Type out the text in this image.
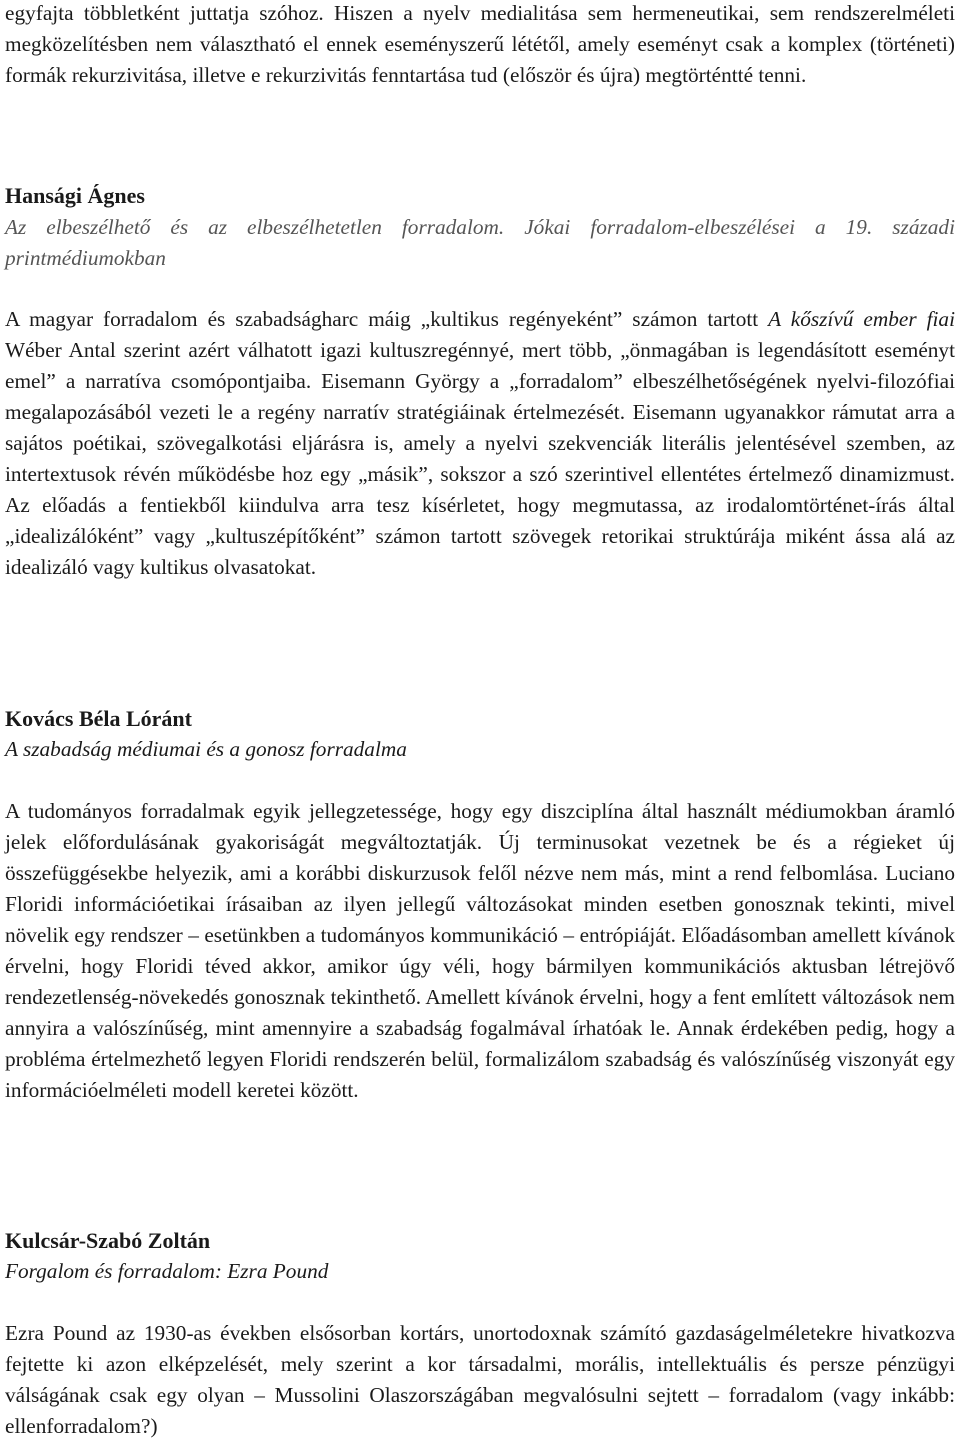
egyfajta többletként juttatja szóhoz. Hiszen a nyelv medialitása sem hermeneutikai, sem rendszerelméleti megközelítésben nem választható el ennek eseményszerű lététől, amely eseményt csak a komplex (történeti) formák rekurzivitása, illetve e rekurzivitás fenntartása tud (először és újra) megtörténtté tenni.

Hansági Ágnes

Az elbeszélhető és az elbeszélhetetlen forradalom. Jókai forradalom-elbeszélései a 19. századi printmédiumokban

A magyar forradalom és szabadságharc máig „kultikus regényeként” számon tartott A kőszívű ember fiai Wéber Antal szerint azért válhatott igazi kultuszregénnyé, mert több, „önmagában is legendásított eseményt emel” a narratíva csomópontjaiba. Eisemann György a „forradalom” elbeszélhetőségének nyelvi-filozófiai megalapozásából vezeti le a regény narratív stratégiáinak értelmezését. Eisemann ugyanakkor rámutat arra a sajátos poétikai, szövegalkotási eljárásra is, amely a nyelvi szekvenciák literális jelentésével szemben, az intertextusok révén működésbe hoz egy „másik”, sokszor a szó szerintivel ellentétes értelmező dinamizmust. Az előadás a fentiekből kiindulva arra tesz kísérletet, hogy megmutassa, az irodalomtörténet-írás által „idealizálóként” vagy „kultuszépítőként” számon tartott szövegek retorikai struktúrája miként ássa alá az idealizáló vagy kultikus olvasatokat.

Kovács Béla Lóránt

A szabadság médiumai és a gonosz forradalma

A tudományos forradalmak egyik jellegzetessége, hogy egy diszciplína által használt médiumokban áramló jelek előfordulásának gyakoriságát megváltoztatják. Új terminusokat vezetnek be és a régieket új összefüggésekbe helyezik, ami a korábbi diskurzusok felől nézve nem más, mint a rend felbomlása. Luciano Floridi információetikai írásaiban az ilyen jellegű változásokat minden esetben gonosznak tekinti, mivel növelik egy rendszer – esetünkben a tudományos kommunikáció – entrópiáját. Előadásomban amellett kívánok érvelni, hogy Floridi téved akkor, amikor úgy véli, hogy bármilyen kommunikációs aktusban létrejövő rendezetlenség-növekedés gonosznak tekinthető. Amellett kívánok érvelni, hogy a fent említett változások nem annyira a valószínűség, mint amennyire a szabadság fogalmával írhatóak le. Annak érdekében pedig, hogy a probléma értelmezhető legyen Floridi rendszerén belül, formalizálom szabadság és valószínűség viszonyát egy információelméleti modell keretei között.

Kulcsár-Szabó Zoltán

Forgalom és forradalom: Ezra Pound

Ezra Pound az 1930-as években elsősorban kortárs, unortodoxnak számító gazdaságelméletekre hivatkozva fejtette ki azon elképzelését, mely szerint a kor társadalmi, morális, intellektuális és persze pénzügyi válságának csak egy olyan – Mussolini Olaszországában megvalósulni sejtett – forradalom (vagy inkább: ellenforradalom?)
